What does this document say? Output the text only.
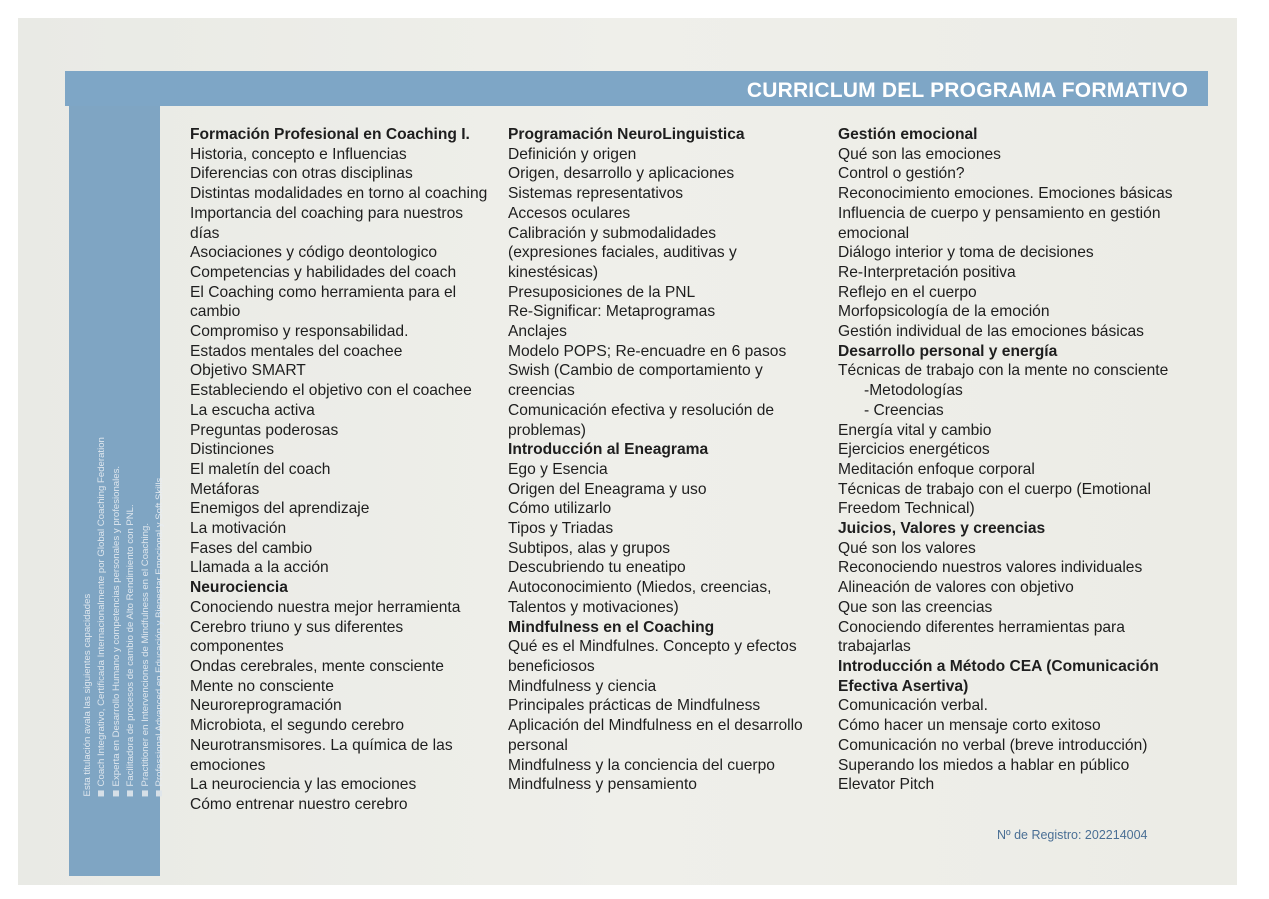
CURRICLUM DEL PROGRAMA FORMATIVO
Esta titulación avala las siguientes capacidades Coach Integrativo, Certificada Internacionalmente por Global Coaching Federation Experta en Desarrollo Humano y competencias personales y profesionales. Facilitadora de procesos de cambio de Alto Rendimiento con PNL. Practitioner en Intervenciones de Mindfulness en el Coaching. Professional Advanced en Educación y Bienestar Emocional y Soft Skills
Formación Profesional en Coaching I.
Historia, concepto e Influencias
Diferencias con otras disciplinas
Distintas modalidades en torno al coaching
Importancia del coaching para nuestros
días
Asociaciones y código deontologico
Competencias y habilidades del coach
El Coaching como herramienta para el
cambio
Compromiso y responsabilidad.
Estados mentales del coachee
Objetivo SMART
Estableciendo el objetivo con el coachee
La escucha activa
Preguntas poderosas
Distinciones
El maletín del coach
Metáforas
Enemigos del aprendizaje
La motivación
Fases del cambio
Llamada a la acción
Neurociencia
Conociendo nuestra mejor herramienta
Cerebro triuno y sus diferentes
componentes
Ondas cerebrales, mente consciente
Mente no consciente
Neuroreprogramación
Microbiota, el segundo cerebro
Neurotransmisores. La química de las
emociones
La neurociencia y las emociones
Cómo entrenar nuestro cerebro
Programación NeuroLinguistica
Definición y origen
Origen, desarrollo y aplicaciones
Sistemas representativos
Accesos oculares
Calibración y submodalidades
(expresiones faciales, auditivas y
kinestésicas)
Presuposiciones de la PNL
Re-Significar: Metaprogramas
Anclajes
Modelo POPS; Re-encuadre en 6 pasos
Swish (Cambio de comportamiento y
creencias
Comunicación efectiva y resolución de
problemas)
Introducción al Eneagrama
Ego y Esencia
Origen del Eneagrama y uso
Cómo utilizarlo
Tipos y Triadas
Subtipos, alas y grupos
Descubriendo tu eneatipo
Autoconocimiento (Miedos, creencias,
Talentos y motivaciones)
Mindfulness en el Coaching
Qué es el Mindfulnes. Concepto y efectos
beneficiosos
Mindfulness y ciencia
Principales prácticas de Mindfulness
Aplicación del Mindfulness en el desarrollo
personal
Mindfulness y la conciencia del cuerpo
Mindfulness y pensamiento
Gestión emocional
Qué son las emociones
Control o gestión?
Reconocimiento emociones. Emociones básicas
Influencia de cuerpo y pensamiento en gestión
emocional
Diálogo interior y toma de decisiones
Re-Interpretación positiva
Reflejo en el cuerpo
Morfopsicología de la emoción
Gestión individual de las emociones básicas
Desarrollo personal y energía
Técnicas de trabajo con la mente no consciente
-Metodologías
- Creencias
Energía vital y cambio
Ejercicios energéticos
Meditación enfoque corporal
Técnicas de trabajo con el cuerpo (Emotional
Freedom Technical)
Juicios, Valores y creencias
Qué son los valores
Reconociendo nuestros valores individuales
Alineación de valores con objetivo
Que son las creencias
Conociendo diferentes herramientas para
trabajarlas
Introducción a Método CEA (Comunicación
Efectiva Asertiva)
Comunicación verbal.
Cómo hacer un mensaje corto exitoso
Comunicación no verbal (breve introducción)
Superando los miedos a hablar en público
Elevator Pitch
Nº de Registro: 202214004
